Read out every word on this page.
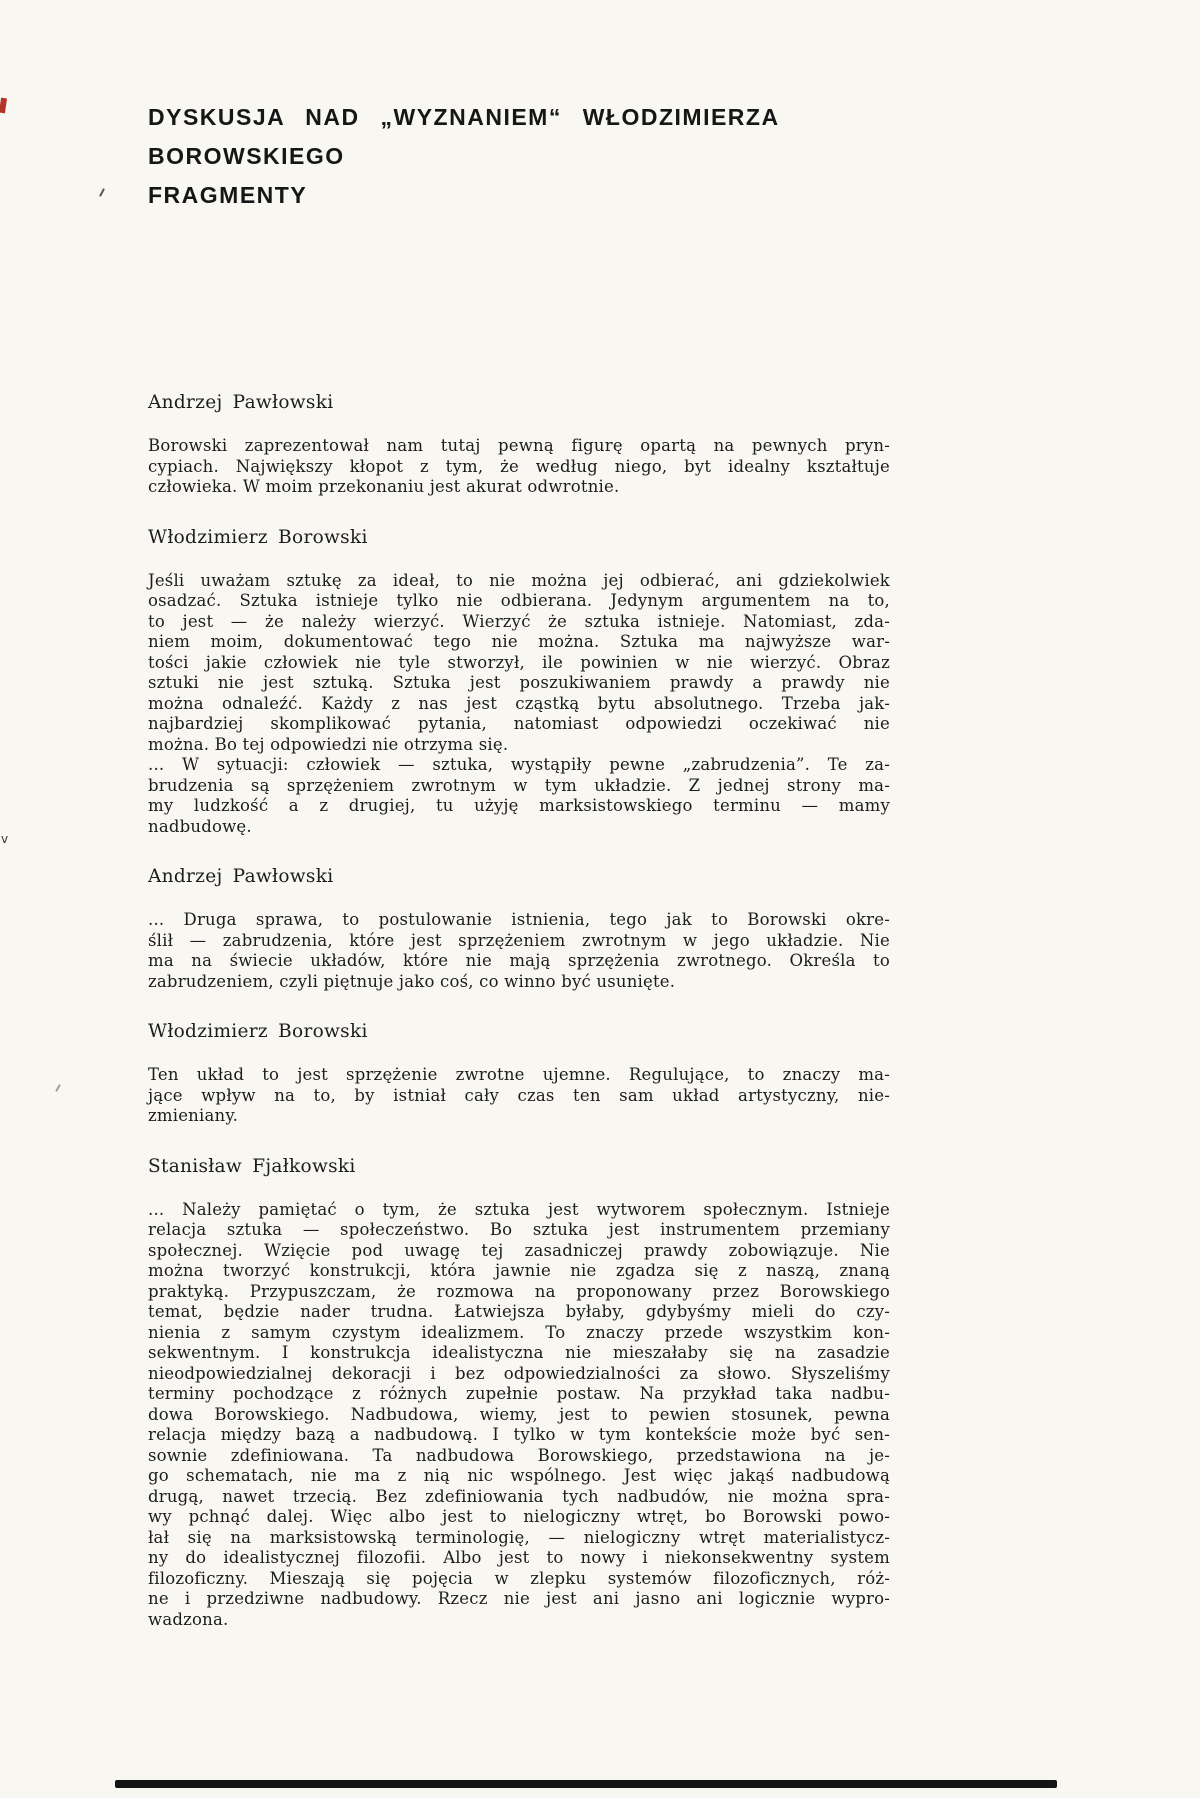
v
DYSKUSJA NAD „WYZNANIEM“ WŁODZIMIERZA BOROWSKIEGO
FRAGMENTY
Andrzej Pawłowski

Borowski zaprezentował nam tutaj pewną figurę opartą na pewnych pryn-
cypiach. Największy kłopot z tym, że według niego, byt idealny kształtuje
człowieka. W moim przekonaniu jest akurat odwrotnie.

Włodzimierz Borowski

Jeśli uważam sztukę za ideał, to nie można jej odbierać, ani gdziekolwiek
osadzać. Sztuka istnieje tylko nie odbierana. Jedynym argumentem na to,
to jest — że należy wierzyć. Wierzyć że sztuka istnieje. Natomiast, zda-
niem moim, dokumentować tego nie można. Sztuka ma najwyższe war-
tości jakie człowiek nie tyle stworzył, ile powinien w nie wierzyć. Obraz
sztuki nie jest sztuką. Sztuka jest poszukiwaniem prawdy a prawdy nie
można odnaleźć. Każdy z nas jest cząstką bytu absolutnego. Trzeba jak-
najbardziej skomplikować pytania, natomiast odpowiedzi oczekiwać nie
można. Bo tej odpowiedzi nie otrzyma się.

... W sytuacji: człowiek — sztuka, wystąpiły pewne „zabrudzenia”. Te za-
brudzenia są sprzężeniem zwrotnym w tym układzie. Z jednej strony ma-
my ludzkość a z drugiej, tu użyję marksistowskiego terminu — mamy
nadbudowę.

Andrzej Pawłowski

... Druga sprawa, to postulowanie istnienia, tego jak to Borowski okre-
ślił — zabrudzenia, które jest sprzężeniem zwrotnym w jego układzie. Nie
ma na świecie układów, które nie mają sprzężenia zwrotnego. Określa to
zabrudzeniem, czyli piętnuje jako coś, co winno być usunięte.

Włodzimierz Borowski

Ten układ to jest sprzężenie zwrotne ujemne. Regulujące, to znaczy ma-
jące wpływ na to, by istniał cały czas ten sam układ artystyczny, nie-
zmieniany.

Stanisław Fjałkowski

... Należy pamiętać o tym, że sztuka jest wytworem społecznym. Istnieje
relacja sztuka — społeczeństwo. Bo sztuka jest instrumentem przemiany
społecznej. Wzięcie pod uwagę tej zasadniczej prawdy zobowiązuje. Nie
można tworzyć konstrukcji, która jawnie nie zgadza się z naszą, znaną
praktyką. Przypuszczam, że rozmowa na proponowany przez Borowskiego
temat, będzie nader trudna. Łatwiejsza byłaby, gdybyśmy mieli do czy-
nienia z samym czystym idealizmem. To znaczy przede wszystkim kon-
sekwentnym. I konstrukcja idealistyczna nie mieszałaby się na zasadzie
nieodpowiedzialnej dekoracji i bez odpowiedzialności za słowo. Słyszeliśmy
terminy pochodzące z różnych zupełnie postaw. Na przykład taka nadbu-
dowa Borowskiego. Nadbudowa, wiemy, jest to pewien stosunek, pewna
relacja między bazą a nadbudową. I tylko w tym kontekście może być sen-
sownie zdefiniowana. Ta nadbudowa Borowskiego, przedstawiona na je-
go schematach, nie ma z nią nic wspólnego. Jest więc jakąś nadbudową
drugą, nawet trzecią. Bez zdefiniowania tych nadbudów, nie można spra-
wy pchnąć dalej. Więc albo jest to nielogiczny wtręt, bo Borowski powo-
łał się na marksistowską terminologię, — nielogiczny wtręt materialistycz-
ny do idealistycznej filozofii. Albo jest to nowy i niekonsekwentny system
filozoficzny. Mieszają się pojęcia w zlepku systemów filozoficznych, róż-
ne i przedziwne nadbudowy. Rzecz nie jest ani jasno ani logicznie wypro-
wadzona.
